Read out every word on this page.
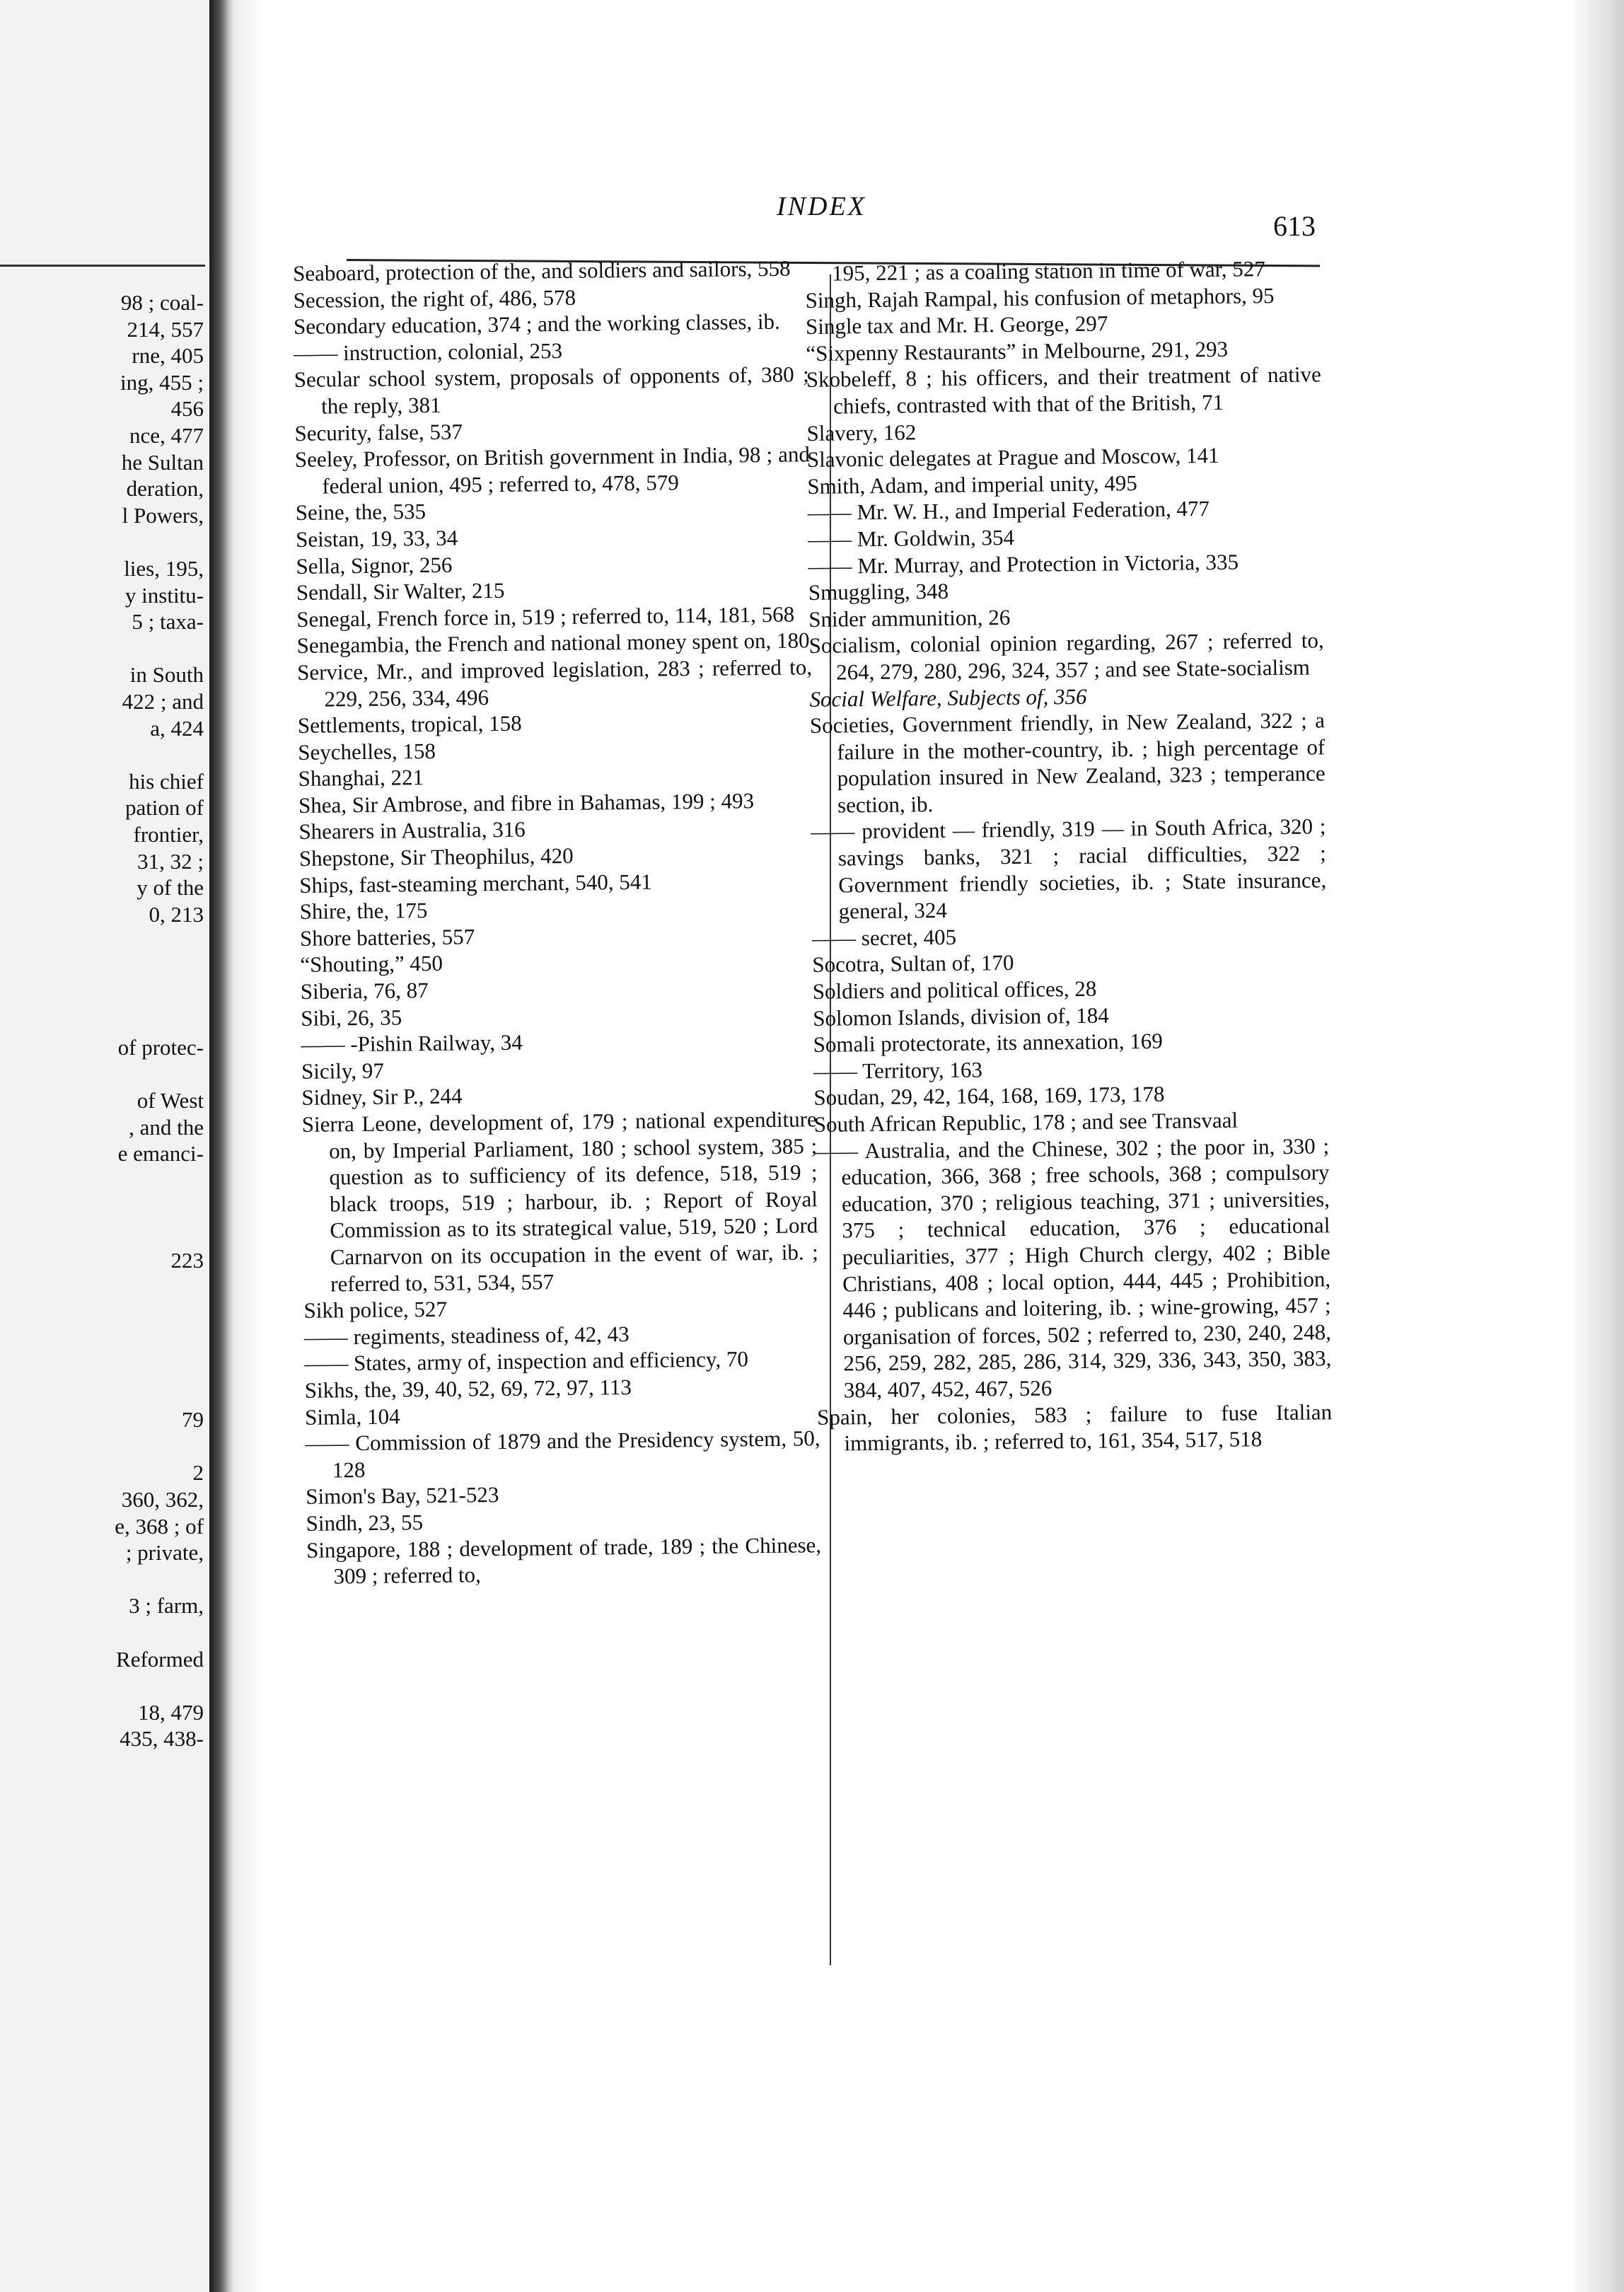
98 ; coal-
214, 557
rne, 405
ing, 455 ;
456
nce, 477
he Sultan
deration,
l Powers,
lies, 195,
y institu-
5 ; taxa-
in South
422 ; and
a, 424
his chief
pation of
frontier,
31, 32 ;
y of the
0, 213
of protec-
of West
, and the
e emanci-
223
79
2
360, 362,
e, 368 ; of
; private,
3 ; farm,
Reformed
18, 479
435, 438-
INDEX
613

Seaboard, protection of the, and soldiers and sailors, 558

Secession, the right of, 486, 578

Secondary education, 374 ; and the working classes, ib.

—— instruction, colonial, 253

Secular school system, proposals of opponents of, 380 ; the reply, 381

Security, false, 537

Seeley, Professor, on British government in India, 98 ; and federal union, 495 ; referred to, 478, 579

Seine, the, 535

Seistan, 19, 33, 34

Sella, Signor, 256

Sendall, Sir Walter, 215

Senegal, French force in, 519 ; referred to, 114, 181, 568

Senegambia, the French and national money spent on, 180

Service, Mr., and improved legislation, 283 ; referred to, 229, 256, 334, 496

Settlements, tropical, 158

Seychelles, 158

Shanghai, 221

Shea, Sir Ambrose, and fibre in Bahamas, 199 ; 493

Shearers in Australia, 316

Shepstone, Sir Theophilus, 420

Ships, fast-steaming merchant, 540, 541

Shire, the, 175

Shore batteries, 557

“Shouting,” 450

Siberia, 76, 87

Sibi, 26, 35

—— -Pishin Railway, 34

Sicily, 97

Sidney, Sir P., 244

Sierra Leone, development of, 179 ; national expenditure on, by Imperial Parliament, 180 ; school system, 385 ; question as to sufficiency of its defence, 518, 519 ; black troops, 519 ; harbour, ib. ; Report of Royal Commission as to its strategical value, 519, 520 ; Lord Carnarvon on its occupation in the event of war, ib. ; referred to, 531, 534, 557

Sikh police, 527

—— regiments, steadiness of, 42, 43

—— States, army of, inspection and efficiency, 70

Sikhs, the, 39, 40, 52, 69, 72, 97, 113

Simla, 104

—— Commission of 1879 and the Presidency system, 50, 128

Simon's Bay, 521-523

Sindh, 23, 55

Singapore, 188 ; development of trade, 189 ; the Chinese, 309 ; referred to,

195, 221 ; as a coaling station in time of war, 527

Singh, Rajah Rampal, his confusion of metaphors, 95

Single tax and Mr. H. George, 297

“Sixpenny Restaurants” in Melbourne, 291, 293

Skobeleff, 8 ; his officers, and their treatment of native chiefs, contrasted with that of the British, 71

Slavery, 162

Slavonic delegates at Prague and Moscow, 141

Smith, Adam, and imperial unity, 495

—— Mr. W. H., and Imperial Federation, 477

—— Mr. Goldwin, 354

—— Mr. Murray, and Protection in Victoria, 335

Smuggling, 348

Snider ammunition, 26

Socialism, colonial opinion regarding, 267 ; referred to, 264, 279, 280, 296, 324, 357 ; and see State-socialism

Social Welfare, Subjects of, 356

Societies, Government friendly, in New Zealand, 322 ; a failure in the mother-country, ib. ; high percentage of population insured in New Zealand, 323 ; temperance section, ib.

—— provident — friendly, 319 — in South Africa, 320 ; savings banks, 321 ; racial difficulties, 322 ; Government friendly societies, ib. ; State insurance, general, 324

—— secret, 405

Socotra, Sultan of, 170

Soldiers and political offices, 28

Solomon Islands, division of, 184

Somali protectorate, its annexation, 169

—— Territory, 163

Soudan, 29, 42, 164, 168, 169, 173, 178

South African Republic, 178 ; and see Transvaal

—— Australia, and the Chinese, 302 ; the poor in, 330 ; education, 366, 368 ; free schools, 368 ; compulsory education, 370 ; religious teaching, 371 ; universities, 375 ; technical education, 376 ; educational peculiarities, 377 ; High Church clergy, 402 ; Bible Christians, 408 ; local option, 444, 445 ; Prohibition, 446 ; publicans and loitering, ib. ; wine-growing, 457 ; organisation of forces, 502 ; referred to, 230, 240, 248, 256, 259, 282, 285, 286, 314, 329, 336, 343, 350, 383, 384, 407, 452, 467, 526

Spain, her colonies, 583 ; failure to fuse Italian immigrants, ib. ; referred to, 161, 354, 517, 518
